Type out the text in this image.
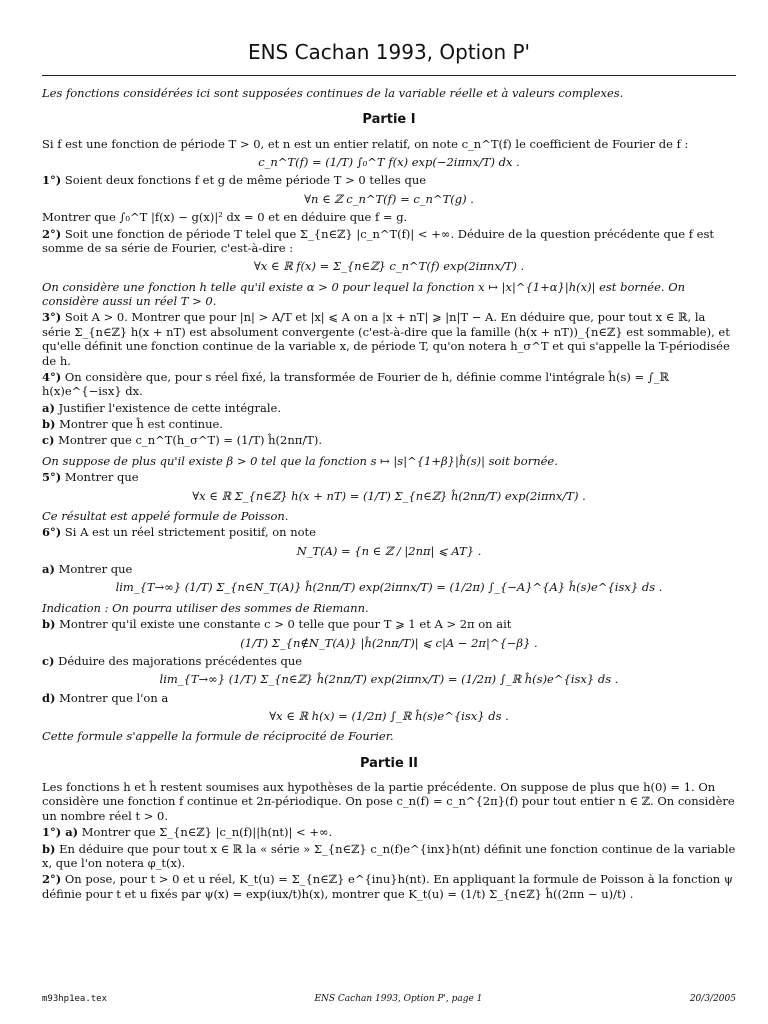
ENS Cachan 1993, Option P'
Les fonctions considérées ici sont supposées continues de la variable réelle et à valeurs complexes.
Partie I
Si f est une fonction de période T > 0, et n est un entier relatif, on note c_n^T(f) le coefficient de Fourier de f :
c_n^T(f) = (1/T) ∫₀^T f(x) exp(−2iπnx/T) dx .
1°) Soient deux fonctions f et g de même période T > 0 telles que
∀n ∈ ℤ c_n^T(f) = c_n^T(g) .
Montrer que ∫₀^T |f(x) − g(x)|² dx = 0 et en déduire que f = g.
2°) Soit une fonction de période T telel que Σ_{n∈ℤ} |c_n^T(f)| < +∞. Déduire de la question précédente que f est somme de sa série de Fourier, c'est-à-dire :
∀x ∈ ℝ f(x) = Σ_{n∈ℤ} c_n^T(f) exp(2iπnx/T) .
On considère une fonction h telle qu'il existe α > 0 pour lequel la fonction x ↦ |x|^{1+α}|h(x)| est bornée. On considère aussi un réel T > 0.
3°) Soit A > 0. Montrer que pour |n| > A/T et |x| ⩽ A on a |x + nT| ⩾ |n|T − A. En déduire que, pour tout x ∈ ℝ, la série Σ_{n∈ℤ} h(x + nT) est absolument convergente (c'est-à-dire que la famille (h(x + nT))_{n∈ℤ} est sommable), et qu'elle définit une fonction continue de la variable x, de période T, qu'on notera h_σ^T et qui s'appelle la T-périodisée de h.
4°) On considère que, pour s réel fixé, la transformée de Fourier de h, définie comme l'intégrale ĥ(s) = ∫_ℝ h(x)e^{−isx} dx.
a) Justifier l'existence de cette intégrale.
b) Montrer que ĥ est continue.
c) Montrer que c_n^T(h_σ^T) = (1/T) ĥ(2nπ/T).
On suppose de plus qu'il existe β > 0 tel que la fonction s ↦ |s|^{1+β}|ĥ(s)| soit bornée.
5°) Montrer que
∀x ∈ ℝ Σ_{n∈ℤ} h(x + nT) = (1/T) Σ_{n∈ℤ} ĥ(2nπ/T) exp(2iπnx/T) .
Ce résultat est appelé formule de Poisson.
6°) Si A est un réel strictement positif, on note
N_T(A) = {n ∈ ℤ / |2nπ| ⩽ AT} .
a) Montrer que
lim_{T→∞} (1/T) Σ_{n∈N_T(A)} ĥ(2nπ/T) exp(2iπnx/T) = (1/2π) ∫_{−A}^{A} ĥ(s)e^{isx} ds .
Indication : On pourra utiliser des sommes de Riemann.
b) Montrer qu'il existe une constante c > 0 telle que pour T ⩾ 1 et A > 2π on ait
(1/T) Σ_{n∉N_T(A)} |ĥ(2nπ/T)| ⩽ c|A − 2π|^{−β} .
c) Déduire des majorations précédentes que
lim_{T→∞} (1/T) Σ_{n∈ℤ} ĥ(2nπ/T) exp(2iπnx/T) = (1/2π) ∫_ℝ ĥ(s)e^{isx} ds .
d) Montrer que l'on a
∀x ∈ ℝ h(x) = (1/2π) ∫_ℝ ĥ(s)e^{isx} ds .
Cette formule s'appelle la formule de réciprocité de Fourier.
Partie II
Les fonctions h et ĥ restent soumises aux hypothèses de la partie précédente. On suppose de plus que h(0) = 1. On considère une fonction f continue et 2π-périodique. On pose c_n(f) = c_n^{2π}(f) pour tout entier n ∈ ℤ. On considère un nombre réel t > 0.
1°) a) Montrer que Σ_{n∈ℤ} |c_n(f)||h(nt)| < +∞.
b) En déduire que pour tout x ∈ ℝ la « série » Σ_{n∈ℤ} c_n(f)e^{inx}h(nt) définit une fonction continue de la variable x, que l'on notera φ_t(x).
2°) On pose, pour t > 0 et u réel, K_t(u) = Σ_{n∈ℤ} e^{inu}h(nt). En appliquant la formule de Poisson à la fonction ψ définie pour t et u fixés par ψ(x) = exp(iux/t)h(x), montrer que K_t(u) = (1/t) Σ_{n∈ℤ} ĥ((2πn − u)/t) .
m93hp1ea.tex	ENS Cachan 1993, Option P', page 1	20/3/2005
